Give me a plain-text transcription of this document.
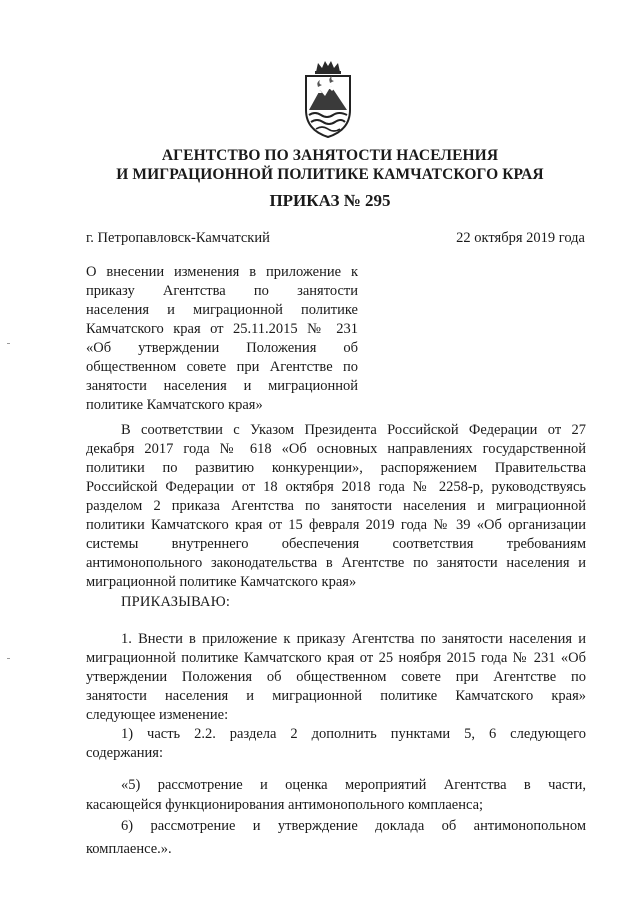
АГЕНТСТВО ПО ЗАНЯТОСТИ НАСЕЛЕНИЯ
И МИГРАЦИОННОЙ ПОЛИТИКЕ КАМЧАТСКОГО КРАЯ
ПРИКАЗ № 295
г. Петропавловск-Камчатский	22 октября 2019 года
О внесении изменения в приложение к
приказу Агентства по занятости
населения и миграционной политике
Камчатского края от 25.11.2015 № 231
«Об утверждении Положения об
общественном совете при Агентстве по
занятости населения и миграционной
политике Камчатского края»
В соответствии с Указом Президента Российской Федерации от 27
декабря 2017 года № 618 «Об основных направлениях государственной
политики по развитию конкуренции», распоряжением Правительства
Российской Федерации от 18 октября 2018 года № 2258-р, руководствуясь
разделом 2 приказа Агентства по занятости населения и миграционной
политики Камчатского края от 15 февраля 2019 года № 39 «Об организации
системы внутреннего обеспечения соответствия требованиям
антимонопольного законодательства в Агентстве по занятости населения и
миграционной политике Камчатского края»
ПРИКАЗЫВАЮ:
1. Внести в приложение к приказу Агентства по занятости населения и
миграционной политике Камчатского края от 25 ноября 2015 года № 231 «Об
утверждении Положения об общественном совете при Агентстве по
занятости населения и миграционной политике Камчатского края»
следующее изменение:
1) часть 2.2. раздела 2 дополнить пунктами 5, 6 следующего
содержания:
«5) рассмотрение и оценка мероприятий Агентства в части,
касающейся функционирования антимонопольного комплаенса;
6) рассмотрение и утверждение доклада об антимонопольном
комплаенсе.».
